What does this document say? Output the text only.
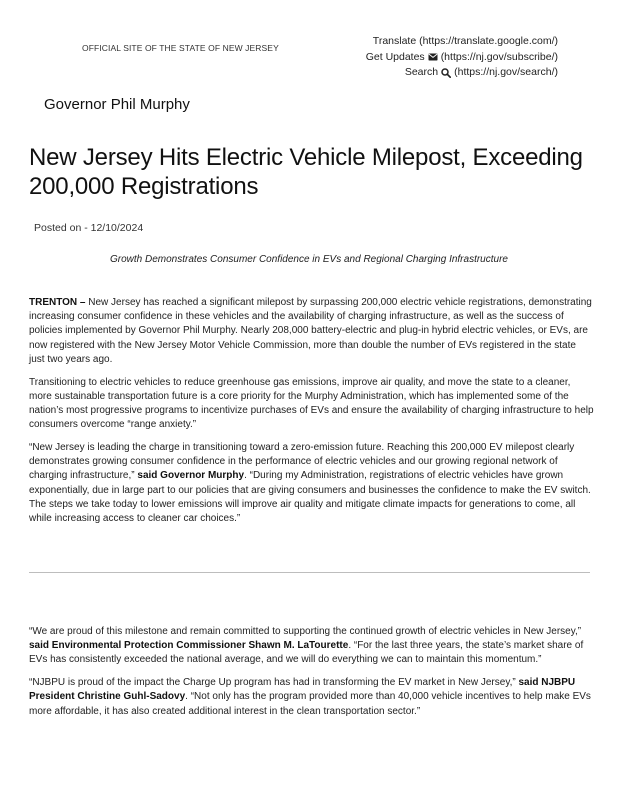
OFFICIAL SITE OF THE STATE OF NEW JERSEY
Translate (https://translate.google.com/)
Get Updates (https://nj.gov/subscribe/)
Search (https://nj.gov/search/)
Governor Phil Murphy
New Jersey Hits Electric Vehicle Milepost, Exceeding 200,000 Registrations
Posted on - 12/10/2024
Growth Demonstrates Consumer Confidence in EVs and Regional Charging Infrastructure

TRENTON – New Jersey has reached a significant milepost by surpassing 200,000 electric vehicle registrations, demonstrating increasing consumer confidence in these vehicles and the availability of charging infrastructure, as well as the success of policies implemented by Governor Phil Murphy. Nearly 208,000 battery-electric and plug-in hybrid electric vehicles, or EVs, are now registered with the New Jersey Motor Vehicle Commission, more than double the number of EVs registered in the state just two years ago.

Transitioning to electric vehicles to reduce greenhouse gas emissions, improve air quality, and move the state to a cleaner, more sustainable transportation future is a core priority for the Murphy Administration, which has implemented some of the nation’s most progressive programs to incentivize purchases of EVs and ensure the availability of charging infrastructure to help consumers overcome “range anxiety.”

“New Jersey is leading the charge in transitioning toward a zero-emission future. Reaching this 200,000 EV milepost clearly demonstrates growing consumer confidence in the performance of electric vehicles and our growing regional network of charging infrastructure,” said Governor Murphy. “During my Administration, registrations of electric vehicles have grown exponentially, due in large part to our policies that are giving consumers and businesses the confidence to make the EV switch. The steps we take today to lower emissions will improve air quality and mitigate climate impacts for generations to come, all while increasing access to cleaner car choices.”

“We are proud of this milestone and remain committed to supporting the continued growth of electric vehicles in New Jersey,” said Environmental Protection Commissioner Shawn M. LaTourette. “For the last three years, the state’s market share of EVs has consistently exceeded the national average, and we will do everything we can to maintain this momentum.”

“NJBPU is proud of the impact the Charge Up program has had in transforming the EV market in New Jersey,” said NJBPU President Christine Guhl-Sadovy. “Not only has the program provided more than 40,000 vehicle incentives to help make EVs more affordable, it has also created additional interest in the clean transportation sector.”
